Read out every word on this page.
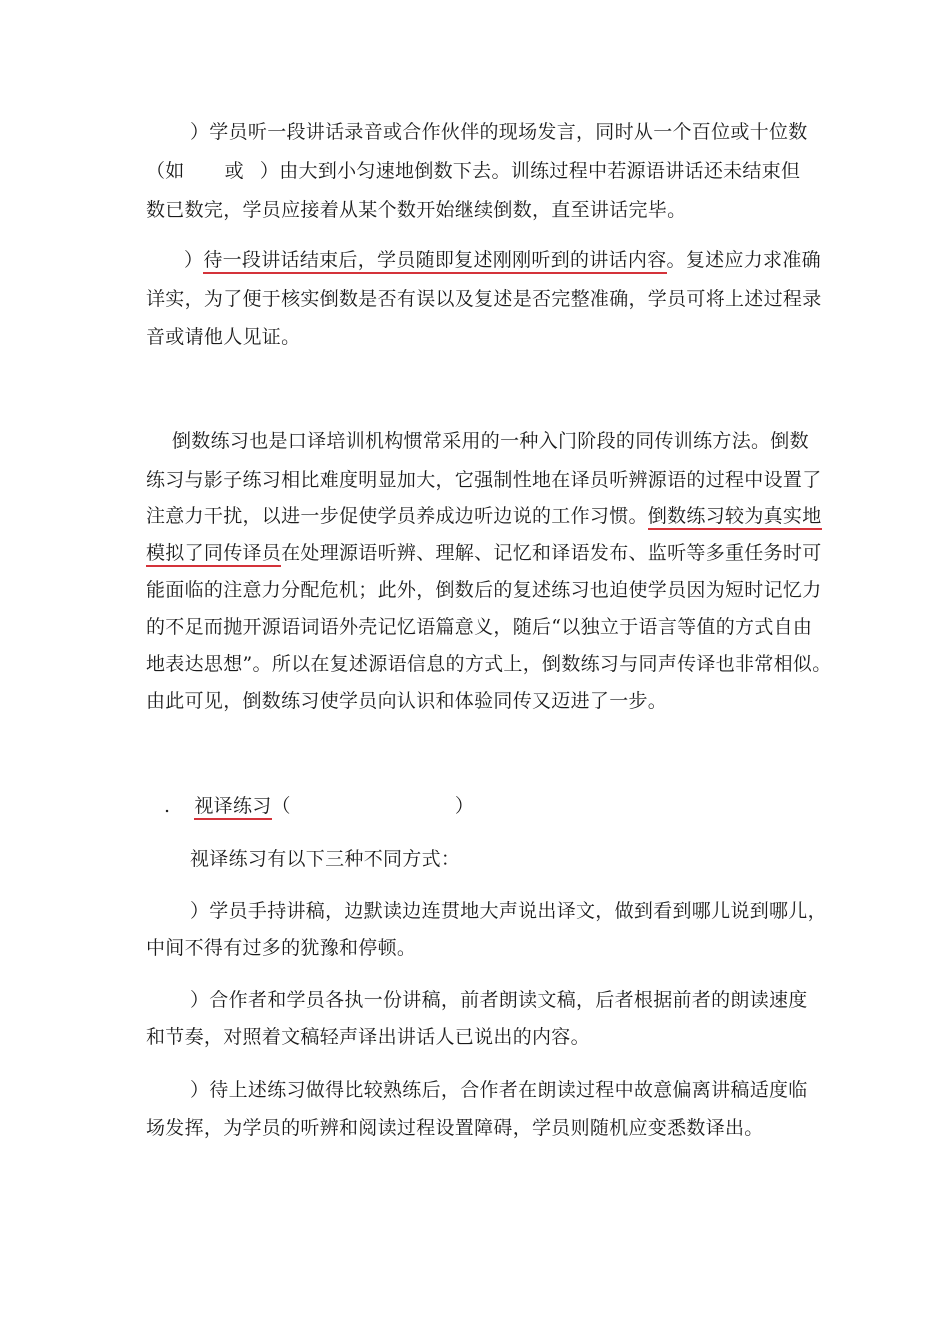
）学员听一段讲话录音或合作伙伴的现场发言，同时从一个百位或十位数
（如 或 ）由大到小匀速地倒数下去。训练过程中若源语讲话还未结束但
数已数完，学员应接着从某个数开始继续倒数，直至讲话完毕。
）待一段讲话结束后，学员随即复述刚刚听到的讲话内容。复述应力求准确
详实，为了便于核实倒数是否有误以及复述是否完整准确，学员可将上述过程录
音或请他人见证。
倒数练习也是口译培训机构惯常采用的一种入门阶段的同传训练方法。倒数
练习与影子练习相比难度明显加大，它强制性地在译员听辨源语的过程中设置了
注意力干扰，以进一步促使学员养成边听边说的工作习惯。倒数练习较为真实地
模拟了同传译员在处理源语听辨、理解、记忆和译语发布、监听等多重任务时可
能面临的注意力分配危机；此外，倒数后的复述练习也迫使学员因为短时记忆力
的不足而抛开源语词语外壳记忆语篇意义，随后“以独立于语言等值的方式自由
地表达思想”。所以在复述源语信息的方式上，倒数练习与同声传译也非常相似。
由此可见，倒数练习使学员向认识和体验同传又迈进了一步。
. 视译练习（	）
视译练习有以下三种不同方式：
）学员手持讲稿，边默读边连贯地大声说出译文，做到看到哪儿说到哪儿，
中间不得有过多的犹豫和停顿。
）合作者和学员各执一份讲稿，前者朗读文稿，后者根据前者的朗读速度
和节奏，对照着文稿轻声译出讲话人已说出的内容。
）待上述练习做得比较熟练后，合作者在朗读过程中故意偏离讲稿适度临
场发挥，为学员的听辨和阅读过程设置障碍，学员则随机应变悉数译出。
